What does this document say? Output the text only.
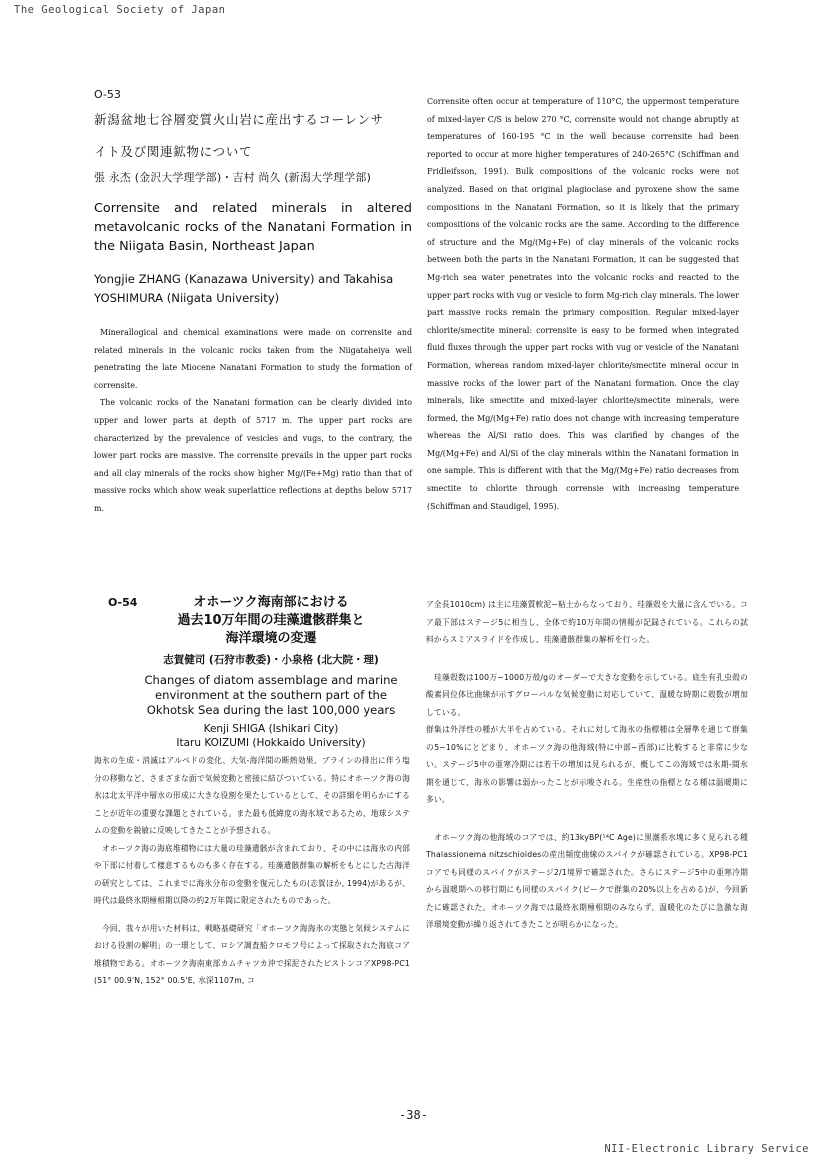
The Geological Society of Japan
O-53
新潟盆地七谷層変質火山岩に産出するコーレンサ
イト及び関連鉱物について
張 永杰 (金沢大学理学部)・吉村 尚久 (新潟大学理学部)
Corrensite and related minerals in altered metavolcanic rocks of the Nanatani Formation in the Niigata Basin, Northeast Japan
Yongjie ZHANG (Kanazawa University) and Takahisa YOSHIMURA (Niigata University)

Minerallogical and chemical examinations were made on corrensite and related minerals in the volcanic rocks taken from the Niigataheiya well penetrating the late Miocene Nanatani Formation to study the formation of corrensite.

The volcanic rocks of the Nanatani formation can be clearly divided into upper and lower parts at depth of 5717 m. The upper part rocks are characterized by the prevalence of vesicles and vugs, to the contrary, the lower part rocks are massive. The corrensite prevails in the upper part rocks and all clay minerals of the rocks show higher Mg/(Fe+Mg) ratio than that of massive rocks which show weak superlattice reflections at depths below 5717 m.

Corrensite often occur at temperature of 110°C, the uppermost temperature of mixed-layer C/S is below 270 °C, corrensite would not change abruptly at temperatures of 160-195 °C in the well because corrensite had been reported to occur at more higher temperatures of 240-265°C (Schiffman and Fridleifsson, 1991). Bulk compositions of the volcanic rocks were not analyzed. Based on that original plagioclase and pyroxene show the same compositions in the Nanatani Formation, so it is likely that the primary compositions of the volcanic rocks are the same. According to the difference of structure and the Mg/(Mg+Fe) of clay minerals of the volcanic rocks between both the parts in the Nanatani Formation, it can be suggested that Mg-rich sea water penetrates into the volcanic rocks and reacted to the upper part rocks with vug or vesicle to form Mg-rich clay minerals. The lower part massive rocks remain the primary composition. Regular mixed-layer chlorite/smectite mineral: corrensite is easy to be formed when integrated fluid fluxes through the upper part rocks with vug or vesicle of the Nanatani Formation, whereas random mixed-layer chlorite/smectite mineral occur in massive rocks of the lower part of the Nanatani formation. Once the clay minerals, like smectite and mixed-layer chlorite/smectite minerals, were formed, the Mg/(Mg+Fe) ratio does not change with increasing temperature whereas the Al/Si ratio does. This was clarified by changes of the Mg/(Mg+Fe) and Al/Si of the clay minerals within the Nanatani formation in one sample. This is different with that the Mg/(Mg+Fe) ratio decreases from smectite to chlorite through corrensie with increasing temperature (Schiffman and Staudigel, 1995).

O-54	オホーツク海南部における
過去10万年間の珪藻遺骸群集と
海洋環境の変遷
志賀健司 (石狩市教委)・小泉格 (北大院・理)
Changes of diatom assemblage and marine
environment at the southern part of the
Okhotsk Sea during the last 100,000 years
Kenji SHIGA (Ishikari City)
Itaru KOIZUMI (Hokkaido University)

海氷の生成・消滅はアルベドの変化、大気-海洋間の断熱効果、ブラインの排出に伴う塩分の移動など、さまざまな面で気候変動と密接に結びついている。特にオホーツク海の海氷は北太平洋中層水の形成に大きな役割を果たしているとして、その詳細を明らかにすることが近年の重要な課題とされている。また最も低緯度の海氷域であるため、地球システムの変動を鋭敏に反映してきたことが予想される。

オホーツク海の海底堆積物には大量の珪藻遺骸が含まれており、その中には海氷の内部や下部に付着して棲息するものも多く存在する。珪藻遺骸群集の解析をもとにした古海洋の研究としては、これまでに海氷分布の変動を復元したもの(志賀ほか, 1994)があるが、時代は最終氷期極相期以降の約2万年間に限定されたものであった。

今回、我々が用いた材料は、戦略基礎研究「オホーツク海海氷の実態と気候システムにおける役割の解明」の一環として、ロシア調査船クロモフ号によって採取された海底コア堆積物である。オホーツク海南東部カムチャツカ沖で採泥されたピストンコアXP98-PC1 (51° 00.9'N, 152° 00.5'E, 水深1107m, コ

ア全長1010cm) は主に珪藻質軟泥~粘土からなっており、珪藻殻を大量に含んでいる。コア最下部はステージ5に相当し、全体で約10万年間の情報が記録されている。これらの試料からスミアスライドを作成し、珪藻遺骸群集の解析を行った。

珪藻殻数は100万~1000万殻/gのオーダーで大きな変動を示している。底生有孔虫殻の酸素同位体比曲線が示すグローバルな気候変動に対応していて、温暖な時期に殻数が増加している。

群集は外洋性の種が大半を占めている。それに対して海氷の指標種は全層準を通じて群集の5~10%にとどまり、オホーツク海の他海域(特に中部~西部)に比較すると非常に少ない。ステージ5中の亜寒冷期には若干の増加は見られるが、概してこの海域では氷期-間氷期を通じて、海氷の影響は弱かったことが示唆される。生産性の指標となる種は温暖期に多い。

オホーツク海の他海域のコアでは、約13kyBP(¹⁴C Age)に黒潮系水塊に多く見られる種Thalassionema nitzschioidesの産出頻度曲線のスパイクが確認されている。XP98-PC1コアでも同様のスパイクがステージ2/1境界で確認された。さらにステージ5中の亜寒冷期から温暖期への移行期にも同様のスパイク(ピークで群集の20%以上を占める)が、今回新たに確認された。オホーツク海では最終氷期極相期のみならず、温暖化のたびに急激な海洋環境変動が繰り返されてきたことが明らかになった。

-38-
NII-Electronic Library Service
